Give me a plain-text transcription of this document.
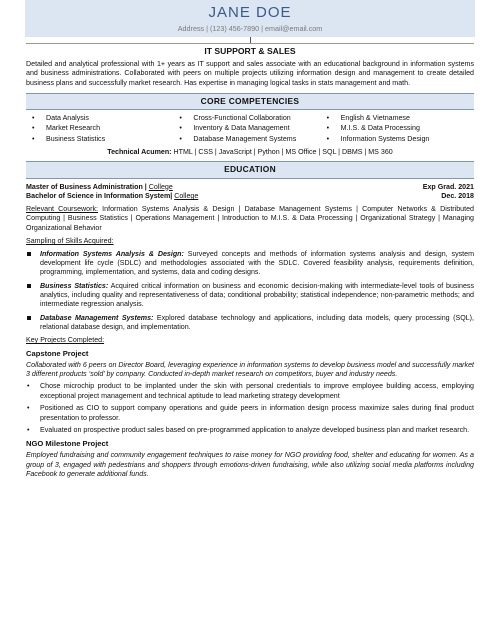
JANE DOE
Address | (123) 456-7890 | email@email.com
IT SUPPORT & SALES

Detailed and analytical professional with 1+ years as IT support and sales associate with an educational background in information systems and business administrations. Collaborated with peers on multiple projects utilizing information design and management to create detailed business plans and successfully market research. Has expertise in managing logical tasks in stats management and math.

CORE COMPETENCIES
• Data Analysis
• Market Research
• Business Statistics
• Cross-Functional Collaboration
• Inventory & Data Management
• Database Management Systems
• English & Vietnamese
• M.I.S. & Data Processing
• Information Systems Design
Technical Acumen: HTML | CSS | JavaScript | Python | MS Office | SQL | DBMS | MS 360
EDUCATION
Master of Business Administration | College	Exp Grad. 2021
Bachelor of Science in Information System| College	Dec. 2018

Relevant Coursework: Information Systems Analysis & Design | Database Management Systems | Computer Networks & Distributed Computing | Business Statistics | Operations Management | Introduction to M.I.S. & Data Processing | Organizational Strategy | Managing Organizational Behavior

Sampling of Skills Acquired:

Information Systems Analysis & Design: Surveyed concepts and methods of information systems analysis and design, system development life cycle (SDLC) and methodologies associated with the SDLC. Covered feasibility analysis, requirements definition, programming, implementation, and systems, data and coding designs.
Business Statistics: Acquired critical information on business and economic decision-making with intermediate-level tools of business analytics, including quality and representativeness of data; conditional probability; statistical independence; non-parametric methods; and intermediate regression analysis.
Database Management Systems: Explored database technology and applications, including data models, query processing (SQL), relational database design, and implementation.

Key Projects Completed:

Capstone Project

Collaborated with 6 peers on Director Board, leveraging experience in information systems to develop business model and successfully market 3 different products ‘sold’ by company. Conducted in-depth market research on competitors, buyer and industry needs.

• Chose microchip product to be implanted under the skin with personal credentials to improve employee building access, employing exceptional project management and technical aptitude to lead marketing strategy development
• Positioned as CIO to support company operations and guide peers in information design process maximize sales during final product presentation to professor.
• Evaluated on prospective product sales based on pre-programmed application to analyze developed business plan and market research.
NGO Milestone Project

Employed fundraising and community engagement techniques to raise money for NGO providing food, shelter and educating for women. As a group of 3, engaged with pedestrians and shoppers through emotions-driven fundraising, while also utilizing social media platforms including Facebook to generate additional funds.
